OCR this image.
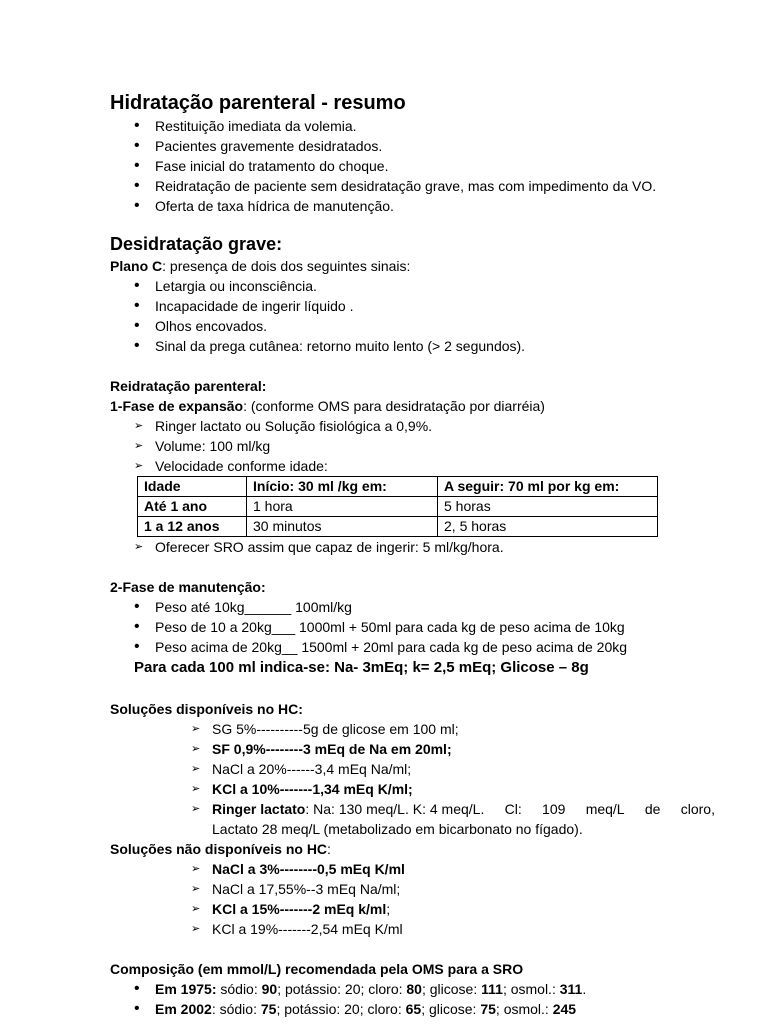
Hidratação parenteral - resumo
• Restituição imediata da volemia.
• Pacientes gravemente desidratados.
• Fase inicial do tratamento do choque.
• Reidratação de paciente sem desidratação grave, mas com impedimento da VO.
• Oferta de taxa hídrica de manutenção.
Desidratação grave:

Plano C: presença de dois dos seguintes sinais:

• Letargia ou inconsciência.
• Incapacidade de ingerir líquido .
• Olhos encovados.
• Sinal da prega cutânea: retorno muito lento (> 2 segundos).

Reidratação parenteral:

1-Fase de expansão: (conforme OMS para desidratação por diarréia)

➢ Ringer lactato ou Solução fisiológica a 0,9%.
➢ Volume: 100 ml/kg
➢ Velocidade conforme idade:
Idade	Início: 30 ml /kg em:	A seguir: 70 ml por kg em:
Até 1 ano	1 hora	5 horas
1 a 12 anos	30 minutos	2, 5 horas
➢ Oferecer SRO assim que capaz de ingerir: 5 ml/kg/hora.

2-Fase de manutenção:

• Peso até 10kg______ 100ml/kg
• Peso de 10 a 20kg___ 1000ml + 50ml para cada kg de peso acima de 10kg
• Peso acima de 20kg__ 1500ml + 20ml para cada kg de peso acima de 20kg

Para cada 100 ml indica-se: Na- 3mEq; k= 2,5 mEq; Glicose – 8g

Soluções disponíveis no HC:

➢ SG 5%----------5g de glicose em 100 ml;
➢ SF 0,9%--------3 mEq de Na em 20ml;
➢ NaCl a 20%------3,4 mEq Na/ml;
➢ KCl a 10%-------1,34 mEq K/ml;
➢ Ringer lactato: Na: 130 meq/L. K: 4 meq/L. Cl: 109 meq/L de cloro,
Lactato 28 meq/L (metabolizado em bicarbonato no fígado).

Soluções não disponíveis no HC:

➢ NaCl a 3%--------0,5 mEq K/ml
➢ NaCl a 17,55%--3 mEq Na/ml;
➢ KCl a 15%-------2 mEq k/ml;
➢ KCl a 19%-------2,54 mEq K/ml

Composição (em mmol/L) recomendada pela OMS para a SRO

• Em 1975: sódio: 90; potássio: 20; cloro: 80; glicose: 111; osmol.: 311.
• Em 2002: sódio: 75; potássio: 20; cloro: 65; glicose: 75; osmol.: 245
